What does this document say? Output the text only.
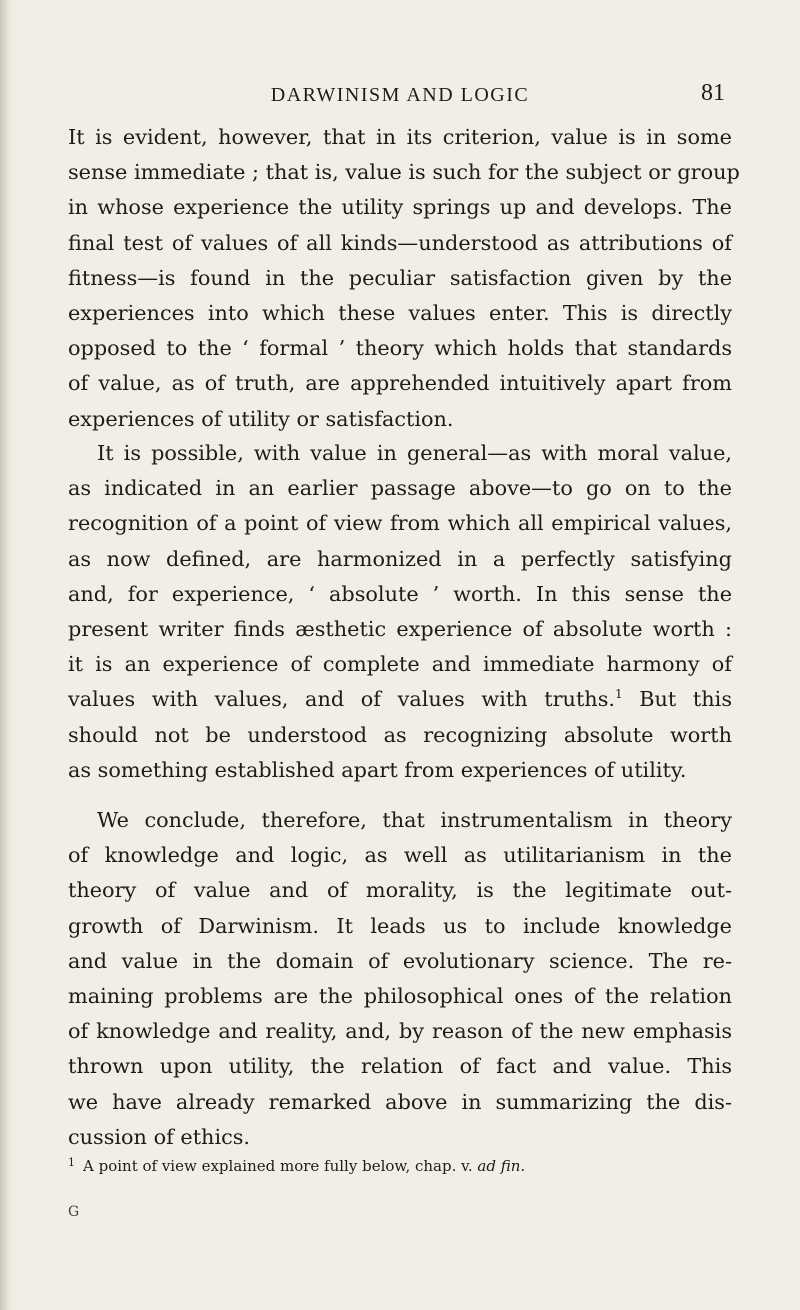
DARWINISM AND LOGIC	81
It is evident, however, that in its criterion, value is in some
sense immediate ; that is, value is such for the subject or group
in whose experience the utility springs up and develops. The
final test of values of all kinds—understood as attributions of
fitness—is found in the peculiar satisfaction given by the
experiences into which these values enter. This is directly
opposed to the ‘ formal ’ theory which holds that standards
of value, as of truth, are apprehended intuitively apart from
experiences of utility or satisfaction.
It is possible, with value in general—as with moral value,
as indicated in an earlier passage above—to go on to the
recognition of a point of view from which all empirical values,
as now defined, are harmonized in a perfectly satisfying
and, for experience, ‘ absolute ’ worth. In this sense the
present writer finds æsthetic experience of absolute worth :
it is an experience of complete and immediate harmony of
values with values, and of values with truths.$^1$ But this
should not be understood as recognizing absolute worth
as something established apart from experiences of utility.
We conclude, therefore, that instrumentalism in theory
of knowledge and logic, as well as utilitarianism in the
theory of value and of morality, is the legitimate out-
growth of Darwinism. It leads us to include knowledge
and value in the domain of evolutionary science. The re-
maining problems are the philosophical ones of the relation
of knowledge and reality, and, by reason of the new emphasis
thrown upon utility, the relation of fact and value. This
we have already remarked above in summarizing the dis-
cussion of ethics.
$^1$ A point of view explained more fully below, chap. v. ad fin.
G
